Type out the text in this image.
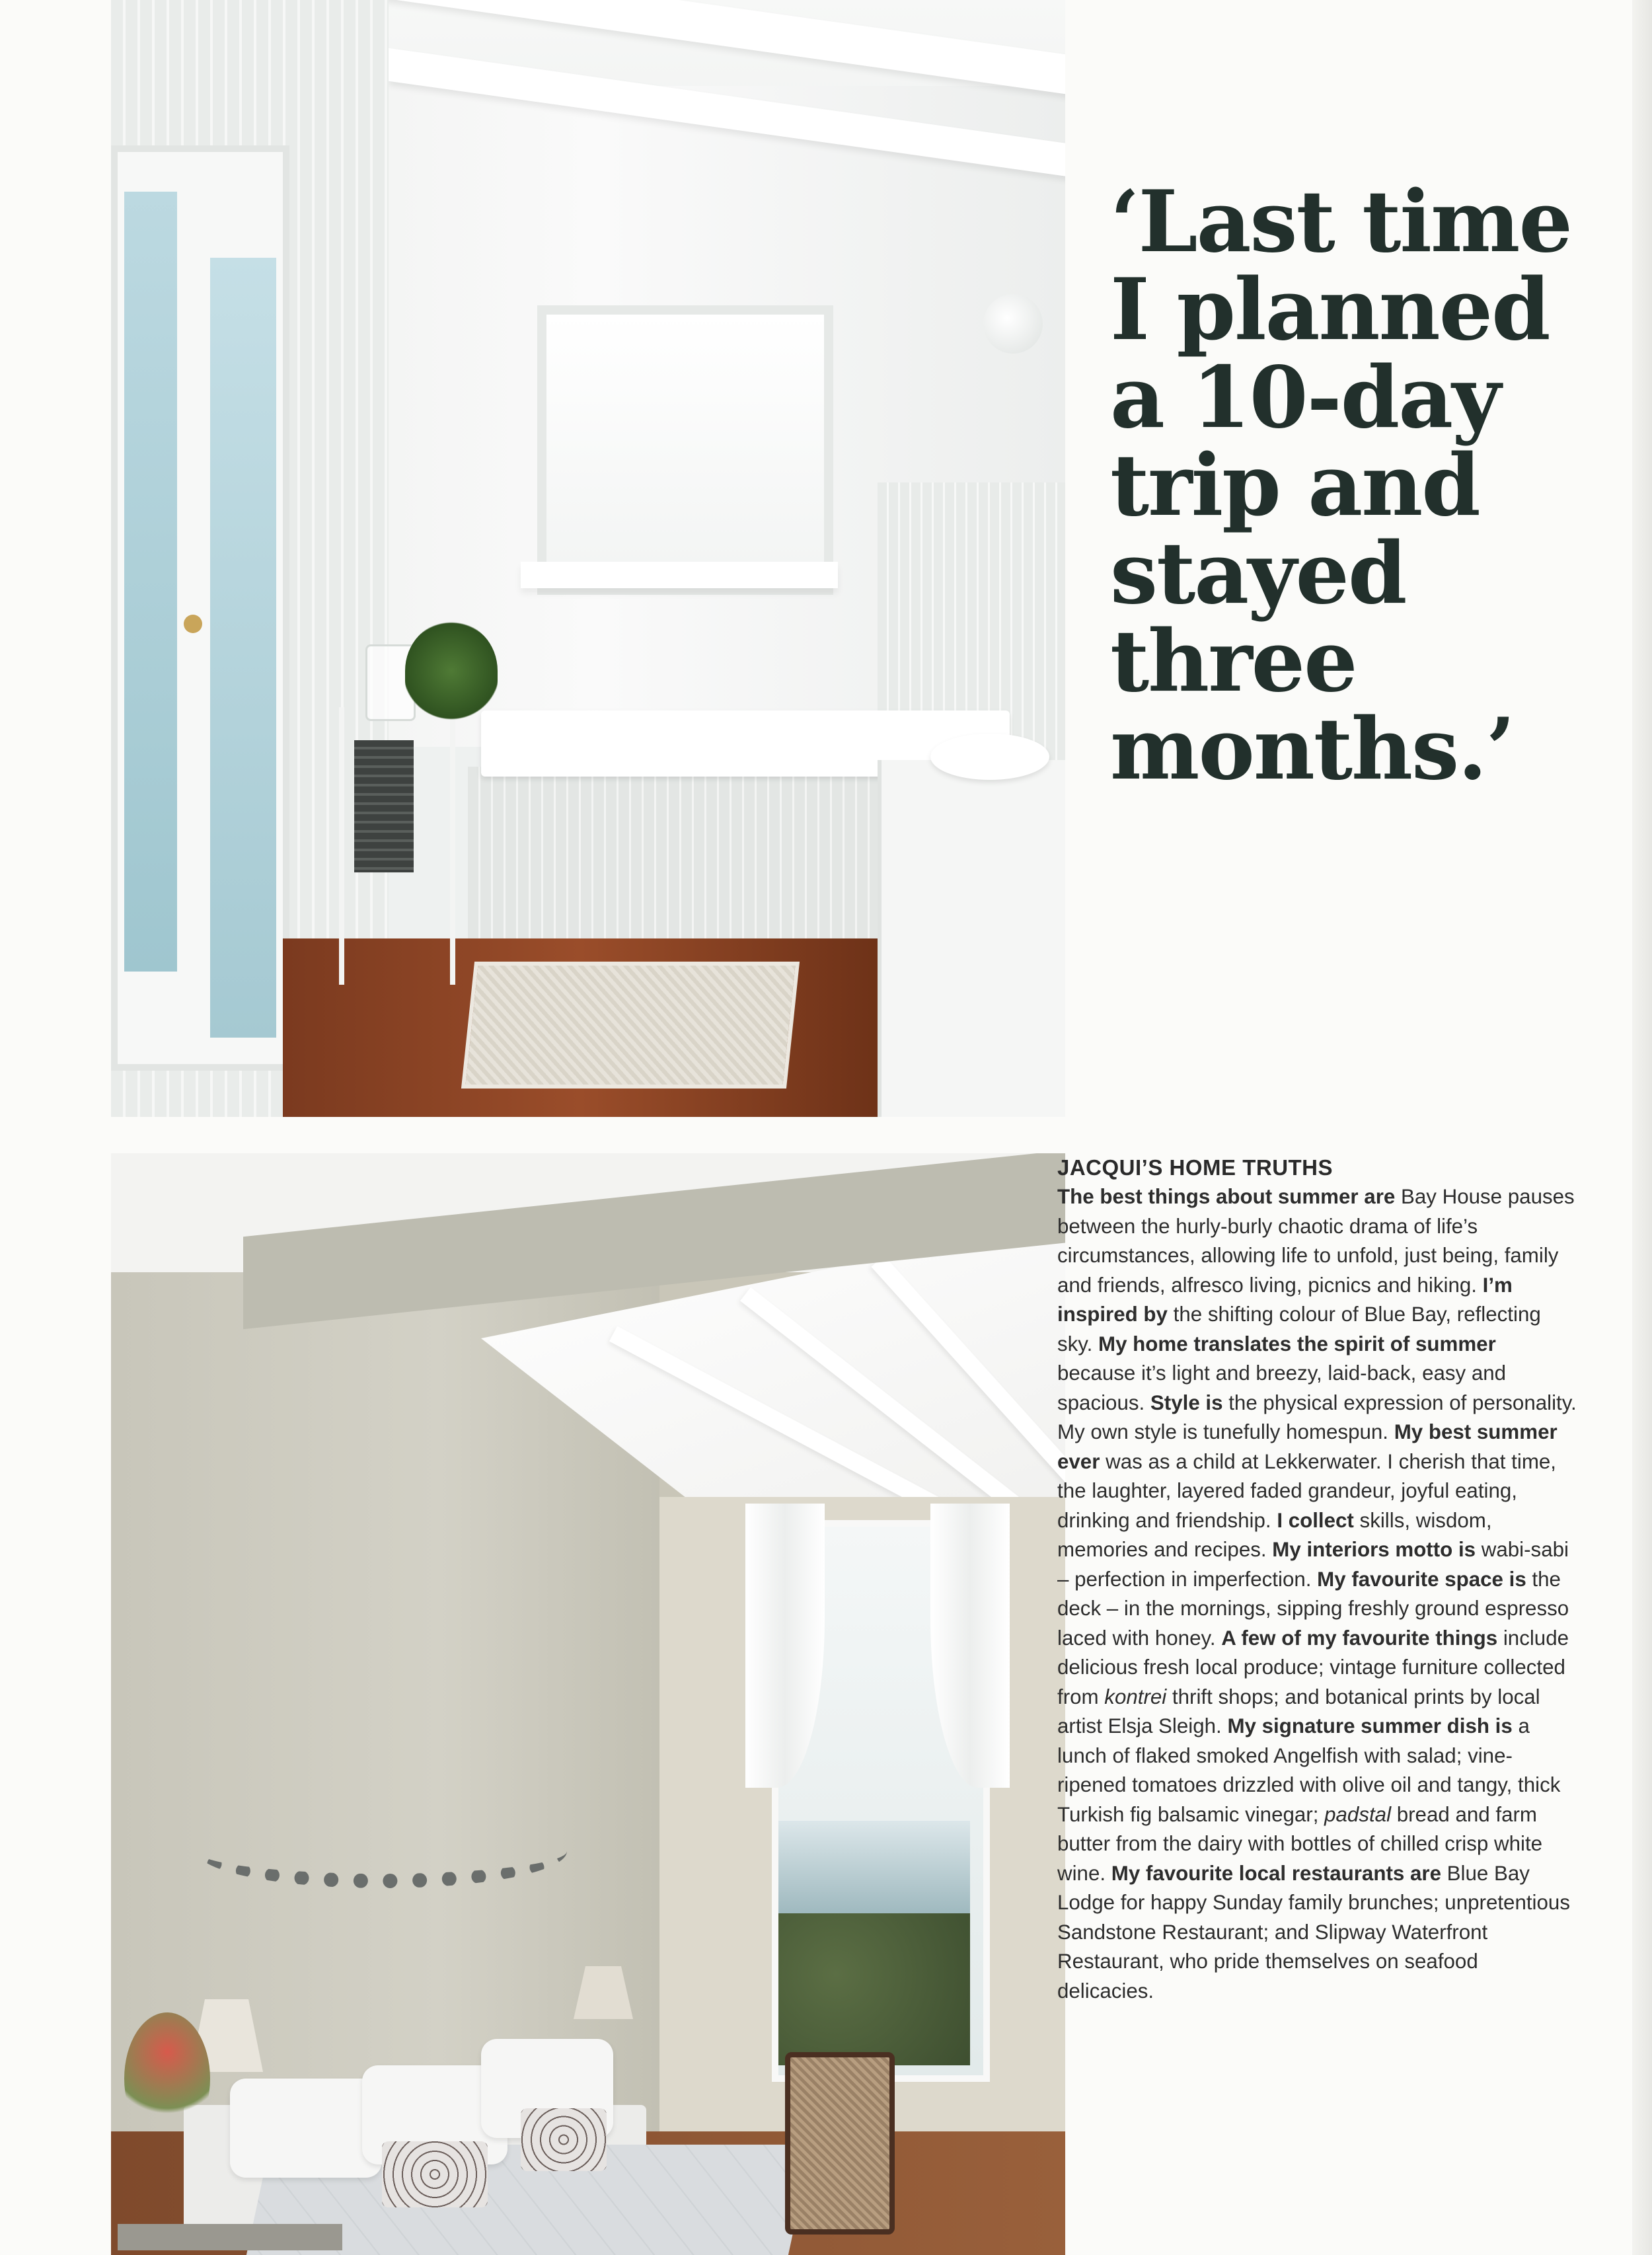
‘Last time
I planned
a 10-day
trip and
stayed
three
months.’
JACQUI’S HOME TRUTHS

The best things about summer are Bay House pauses between the hurly-burly chaotic drama of life’s circumstances, allowing life to unfold, just being, family and friends, alfresco living, picnics and hiking. I’m inspired by the shifting colour of Blue Bay, reflecting sky. My home translates the spirit of summer because it’s light and breezy, laid-back, easy and spacious. Style is the physical expression of personality. My own style is tunefully homespun. My best summer ever was as a child at Lekkerwater. I cherish that time, the laughter, layered faded grandeur, joyful eating, drinking and friendship. I collect skills, wisdom, memories and recipes. My interiors motto is wabi-sabi – perfection in imperfection. My favourite space is the deck – in the mornings, sipping freshly ground espresso laced with honey. A few of my favourite things include delicious fresh local produce; vintage furniture collected from kontrei thrift shops; and botanical prints by local artist Elsja Sleigh. My signature summer dish is a lunch of flaked smoked Angelfish with salad; vine-ripened tomatoes drizzled with olive oil and tangy, thick Turkish fig balsamic vinegar; padstal bread and farm butter from the dairy with bottles of chilled crisp white wine. My favourite local restaurants are Blue Bay Lodge for happy Sunday family brunches; unpretentious Sandstone Restaurant; and Slipway Waterfront Restaurant, who pride themselves on seafood delicacies.
